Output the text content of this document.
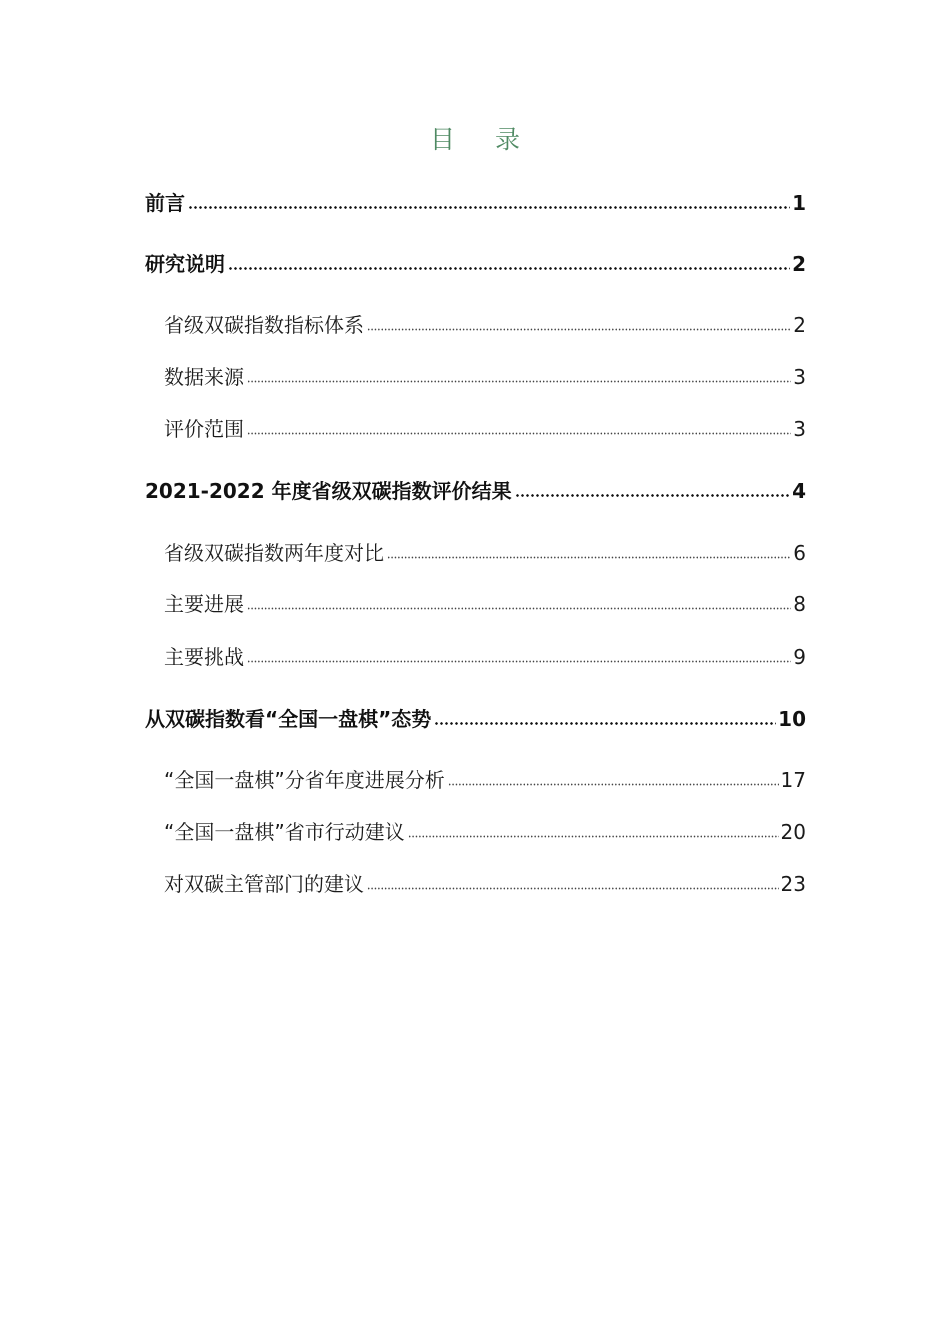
目 录
前言	1
研究说明	2
省级双碳指数指标体系	2
数据来源	3
评价范围	3
2021-2022 年度省级双碳指数评价结果	4
省级双碳指数两年度对比	6
主要进展	8
主要挑战	9
从双碳指数看“全国一盘棋”态势	10
“全国一盘棋”分省年度进展分析	17
“全国一盘棋”省市行动建议	20
对双碳主管部门的建议	23
